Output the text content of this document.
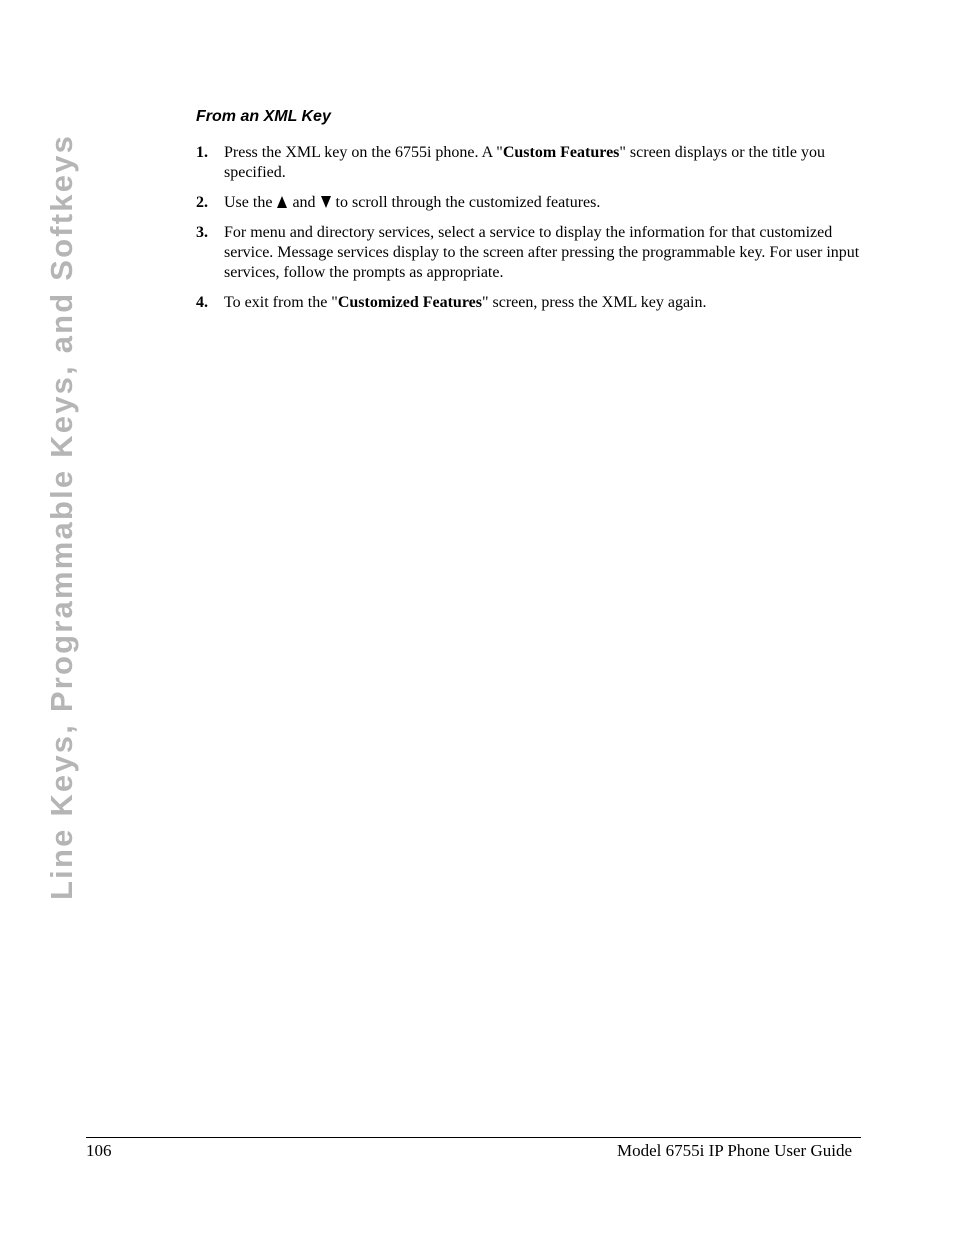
Line Keys, Programmable Keys, and Softkeys
From an XML Key
1.	Press the XML key on the 6755i phone. A "Custom Features" screen displays or the title you specified.
2.	Use the  and  to scroll through the customized features.
3.	For menu and directory services, select a service to display the information for that customized service. Message services display to the screen after pressing the programmable key. For user input services, follow the prompts as appropriate.
4.	To exit from the "Customized Features" screen, press the XML key again.
106	Model 6755i IP Phone User Guide
